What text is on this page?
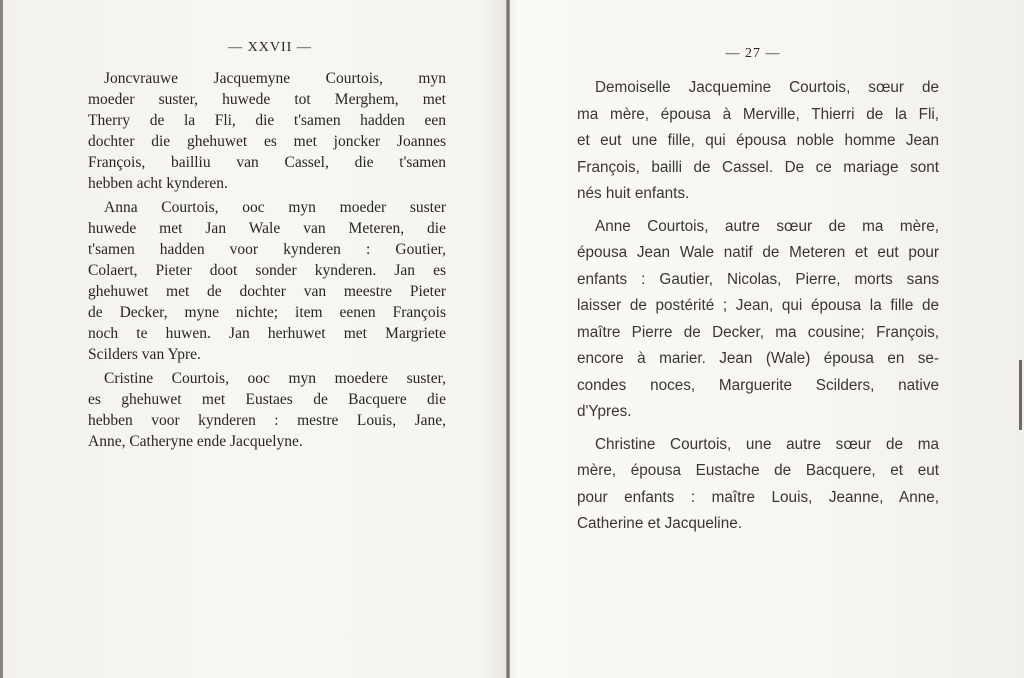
— XXVII —

Joncvrauwe Jacquemyne Courtois, myn
moeder suster, huwede tot Merghem, met
Therry de la Fli, die t'samen hadden een
dochter die ghehuwet es met joncker Joannes
François, bailliu van Cassel, die t'samen
hebben acht kynderen.

Anna Courtois, ooc myn moeder suster
huwede met Jan Wale van Meteren, die
t'samen hadden voor kynderen : Goutier,
Colaert, Pieter doot sonder kynderen. Jan es
ghehuwet met de dochter van meestre Pieter
de Decker, myne nichte; item eenen François
noch te huwen. Jan herhuwet met Margriete
Scilders van Ypre.

Cristine Courtois, ooc myn moedere suster,
es ghehuwet met Eustaes de Bacquere die
hebben voor kynderen : mestre Louis, Jane,
Anne, Catheryne ende Jacquelyne.

— 27 —

Demoiselle Jacquemine Courtois, sœur de
ma mère, épousa à Merville, Thierri de la Fli,
et eut une fille, qui épousa noble homme Jean
François, bailli de Cassel. De ce mariage sont
nés huit enfants.

Anne Courtois, autre sœur de ma mère,
épousa Jean Wale natif de Meteren et eut pour
enfants : Gautier, Nicolas, Pierre, morts sans
laisser de postérité ; Jean, qui épousa la fille de
maître Pierre de Decker, ma cousine; François,
encore à marier. Jean (Wale) épousa en se-
condes noces, Marguerite Scilders, native
d'Ypres.

Christine Courtois, une autre sœur de ma
mère, épousa Eustache de Bacquere, et eut
pour enfants : maître Louis, Jeanne, Anne,
Catherine et Jacqueline.
